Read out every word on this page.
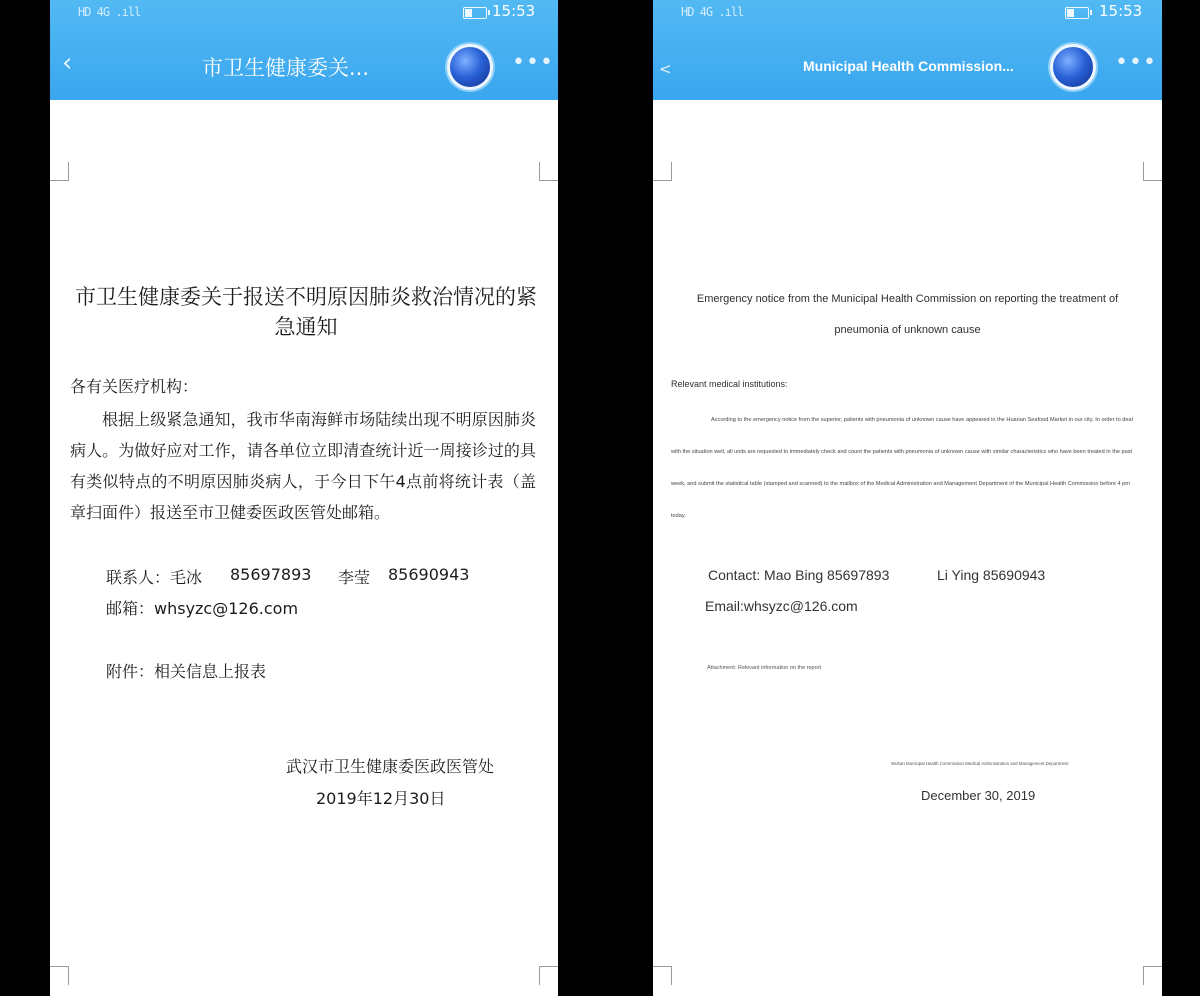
HD 4G .ıll	15:53
‹	市卫生健康委关...	•••
市卫生健康委关于报送不明原因肺炎救治情况的紧急通知
各有关医疗机构：
根据上级紧急通知，我市华南海鲜市场陆续出现不明原因肺炎病人。为做好应对工作，请各单位立即清查统计近一周接诊过的具有类似特点的不明原因肺炎病人，于今日下午4点前将统计表（盖章扫面件）报送至市卫健委医政医管处邮箱。
联系人：毛冰 85697893 李莹 85690943
邮箱：whsyzc@126.com
附件：相关信息上报表
武汉市卫生健康委医政医管处
2019年12月30日
HD 4G .ıll	15:53
<	Municipal Health Commission...	•••
Emergency notice from the Municipal Health Commission on reporting the treatment of pneumonia of unknown cause
Relevant medical institutions:
According to the emergency notice from the superior, patients with pneumonia of unknown cause have appeared in the Huanan Seafood Market in our city. In order to deal with the situation well, all units are requested to immediately check and count the patients with pneumonia of unknown cause with similar characteristics who have been treated in the past week, and submit the statistical table (stamped and scanned) to the mailbox of the Medical Administration and Management Department of the Municipal Health Commission before 4 pm today.
Contact: Mao Bing 85697893	Li Ying 85690943
Email:whsyzc@126.com
Attachment: Relevant information on the report
Wuhan Municipal Health Commission Medical Administration and Management Department
December 30, 2019
